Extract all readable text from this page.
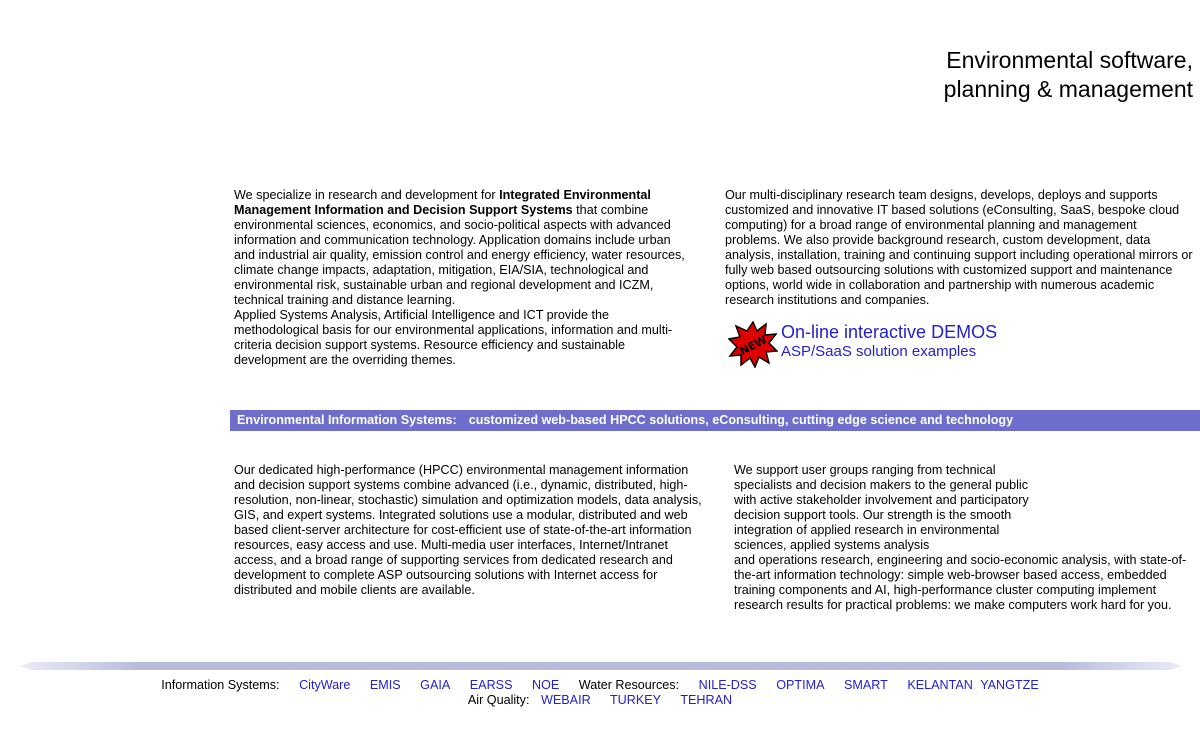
Environmental software,
planning & management
We specialize in research and development for Integrated Environmental Management Information and Decision Support Systems that combine environmental sciences, economics, and socio-political aspects with advanced information and communication technology. Application domains include urban and industrial air quality, emission control and energy efficiency, water resources, climate change impacts, adaptation, mitigation, EIA/SIA, technological and environmental risk, sustainable urban and regional development and ICZM, technical training and distance learning.
Applied Systems Analysis, Artificial Intelligence and ICT provide the methodological basis for our environmental applications, information and multi-criteria decision support systems. Resource efficiency and sustainable development are the overriding themes.
Our multi-disciplinary research team designs, develops, deploys and supports customized and innovative IT based solutions (eConsulting, SaaS, bespoke cloud computing) for a broad range of environmental planning and management problems. We also provide background research, custom development, data analysis, installation, training and continuing support including operational mirrors or fully web based outsourcing solutions with customized support and maintenance options, world wide in collaboration and partnership with numerous academic research institutions and companies.
NEW
On-line interactive DEMOS
ASP/SaaS solution examples
Environmental Information Systems: customized web-based HPCC solutions, eConsulting, cutting edge science and technology
Our dedicated high-performance (HPCC) environmental management information and decision support systems combine advanced (i.e., dynamic, distributed, high-resolution, non-linear, stochastic) simulation and optimization models, data analysis, GIS, and expert systems. Integrated solutions use a modular, distributed and web based client-server architecture for cost-efficient use of state-of-the-art information resources, easy access and use. Multi-media user interfaces, Internet/Intranet access, and a broad range of supporting services from dedicated research and development to complete ASP outsourcing solutions with Internet access for distributed and mobile clients are available.
We support user groups ranging from technical specialists and decision makers to the general public with active stakeholder involvement and participatory decision support tools. Our strength is the smooth integration of applied research in environmental sciences, applied systems analysis
and operations research, engineering and socio-economic analysis, with state-of-the-art information technology: simple web-browser based access, embedded training components and AI, high-performance cluster computing implement research results for practical problems: we make computers work hard for you.
Information Systems: CityWare EMIS GAIA EARSS NOE Water Resources: NILE-DSS OPTIMA SMART KELANTAN YANGTZE
Air Quality: WEBAIR TURKEY TEHRAN
